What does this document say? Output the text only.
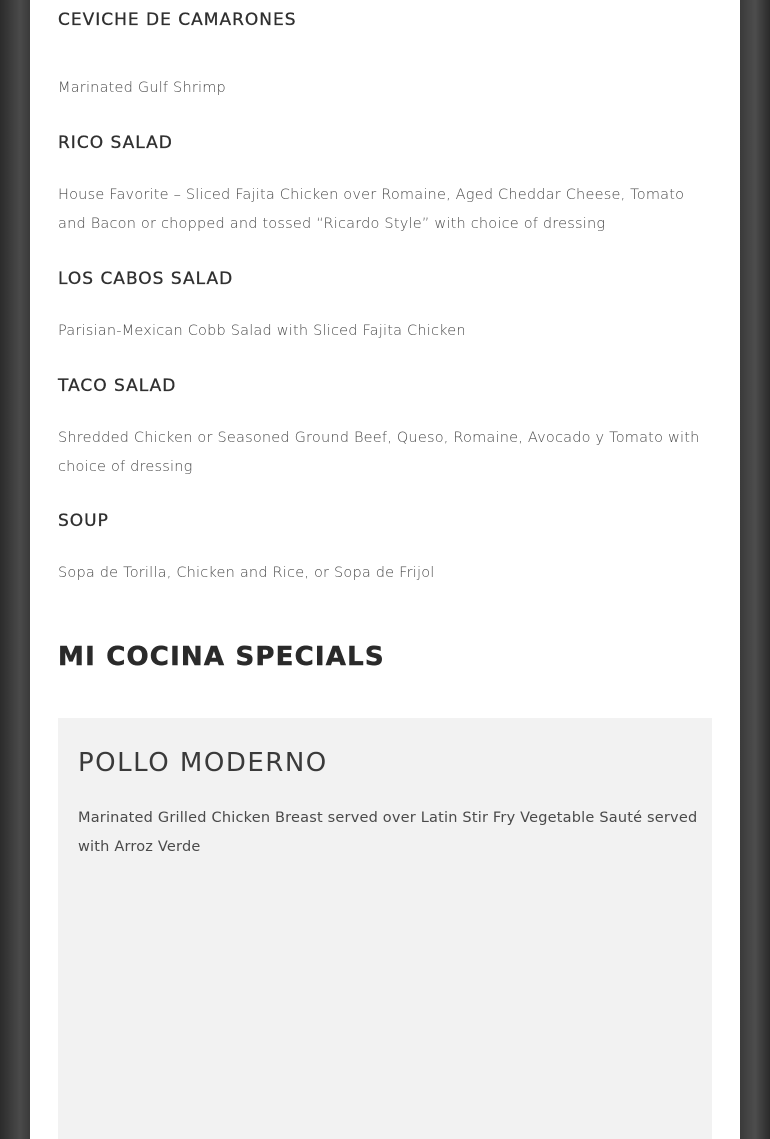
CEVICHE DE CAMARONES

Marinated Gulf Shrimp

RICO SALAD

House Favorite – Sliced Fajita Chicken over Romaine, Aged Cheddar Cheese, Tomato and Bacon or chopped and tossed “Ricardo Style” with choice of dressing

LOS CABOS SALAD

Parisian-Mexican Cobb Salad with Sliced Fajita Chicken

TACO SALAD

Shredded Chicken or Seasoned Ground Beef, Queso, Romaine, Avocado y Tomato with choice of dressing

SOUP

Sopa de Torilla, Chicken and Rice, or Sopa de Frijol

MI COCINA SPECIALS
POLLO MODERNO

Marinated Grilled Chicken Breast served over Latin Stir Fry Vegetable Sauté served with Arroz Verde
